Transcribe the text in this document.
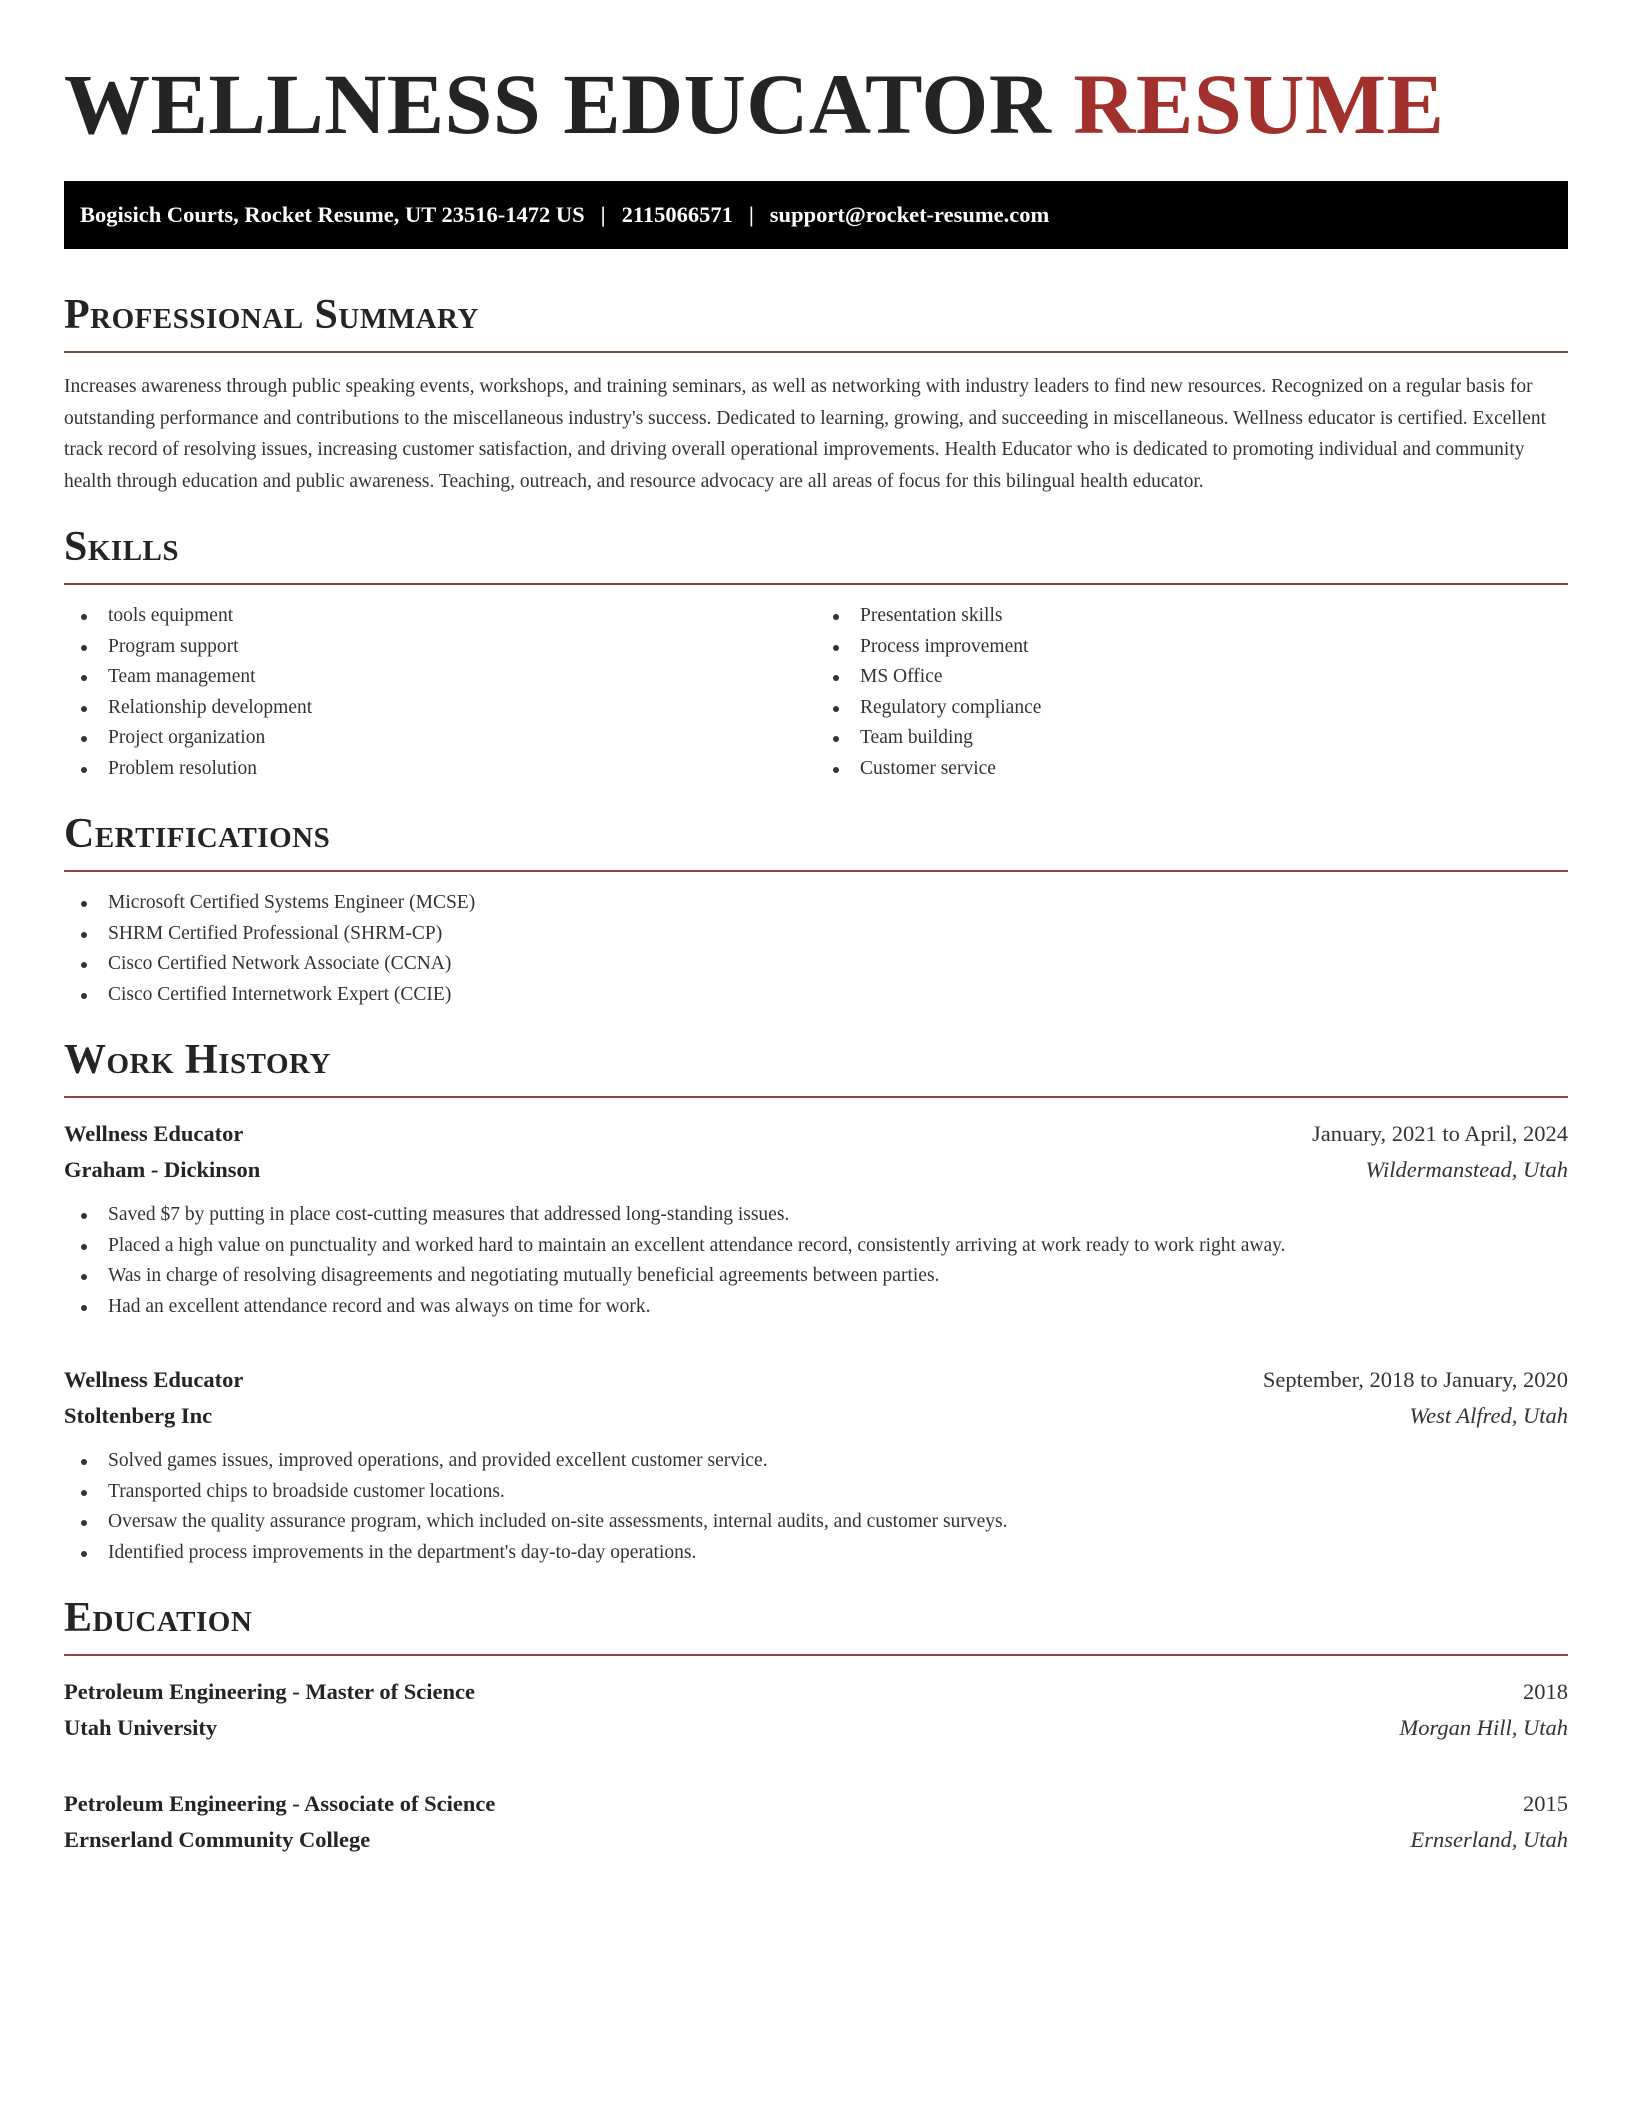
WELLNESS EDUCATOR RESUME
Bogisich Courts, Rocket Resume, UT 23516-1472 US | 2115066571 | support@rocket-resume.com
Professional Summary

Increases awareness through public speaking events, workshops, and training seminars, as well as networking with industry leaders to find new resources. Recognized on a regular basis for outstanding performance and contributions to the miscellaneous industry's success. Dedicated to learning, growing, and succeeding in miscellaneous. Wellness educator is certified. Excellent track record of resolving issues, increasing customer satisfaction, and driving overall operational improvements. Health Educator who is dedicated to promoting individual and community health through education and public awareness. Teaching, outreach, and resource advocacy are all areas of focus for this bilingual health educator.

Skills
tools equipment
Program support
Team management
Relationship development
Project organization
Problem resolution
Presentation skills
Process improvement
MS Office
Regulatory compliance
Team building
Customer service
Certifications
Microsoft Certified Systems Engineer (MCSE)
SHRM Certified Professional (SHRM-CP)
Cisco Certified Network Associate (CCNA)
Cisco Certified Internetwork Expert (CCIE)
Work History
Wellness Educator	January, 2021 to April, 2024
Graham - Dickinson	Wildermanstead, Utah
Saved $7 by putting in place cost-cutting measures that addressed long-standing issues.
Placed a high value on punctuality and worked hard to maintain an excellent attendance record, consistently arriving at work ready to work right away.
Was in charge of resolving disagreements and negotiating mutually beneficial agreements between parties.
Had an excellent attendance record and was always on time for work.
Wellness Educator	September, 2018 to January, 2020
Stoltenberg Inc	West Alfred, Utah
Solved games issues, improved operations, and provided excellent customer service.
Transported chips to broadside customer locations.
Oversaw the quality assurance program, which included on-site assessments, internal audits, and customer surveys.
Identified process improvements in the department's day-to-day operations.
Education
Petroleum Engineering - Master of Science	2018
Utah University	Morgan Hill, Utah
Petroleum Engineering - Associate of Science	2015
Ernserland Community College	Ernserland, Utah
